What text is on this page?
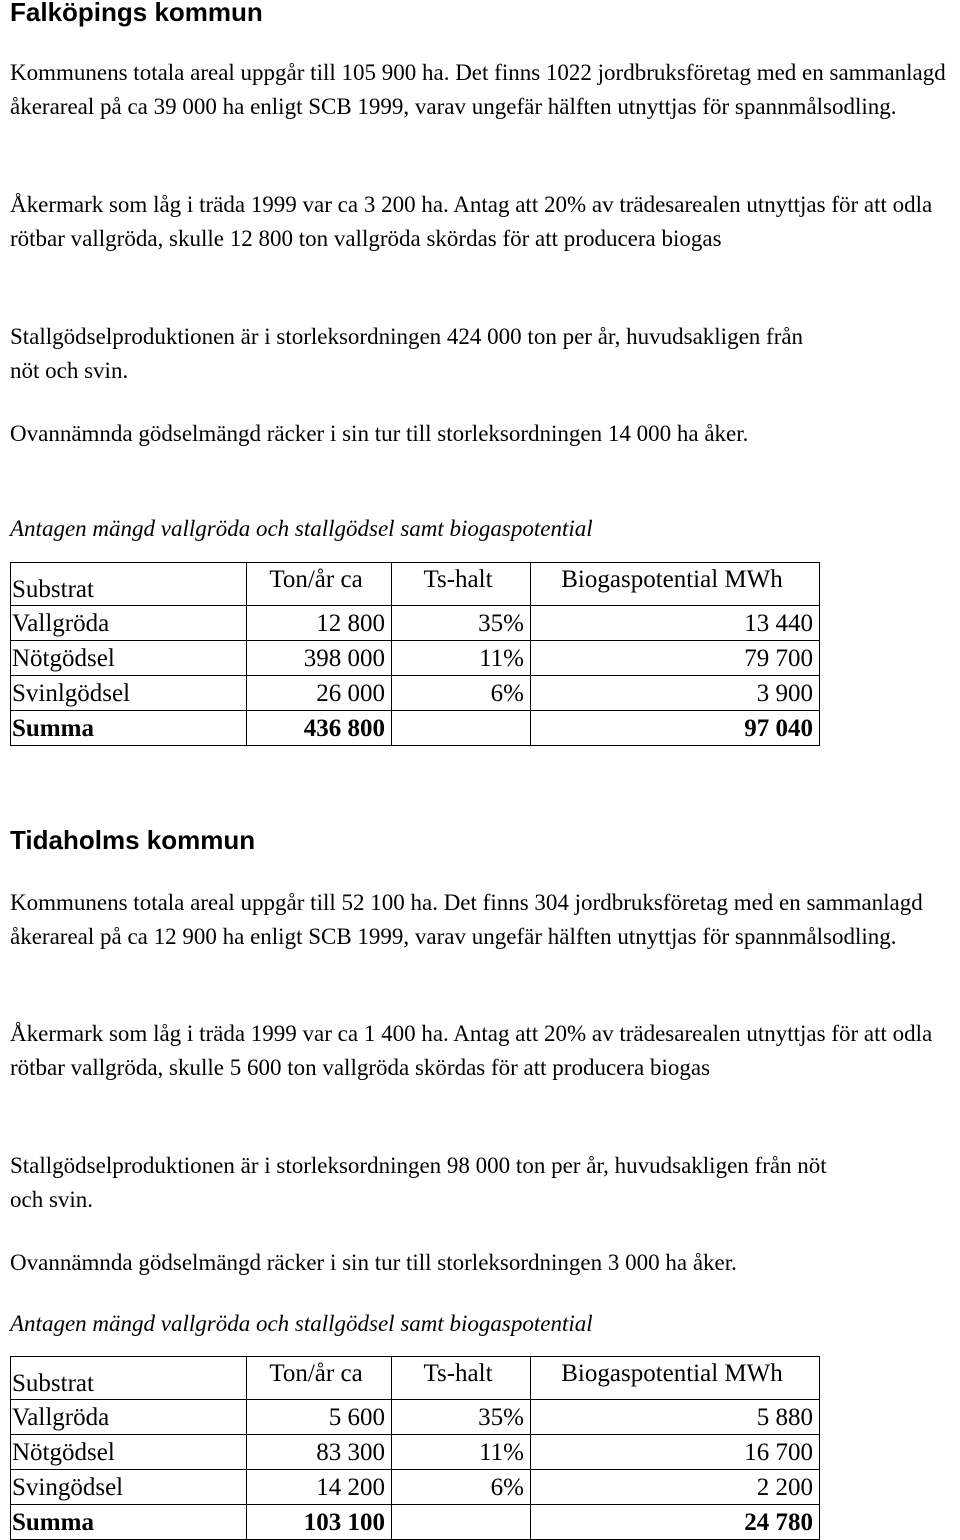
Falköpings kommun

Kommunens totala areal uppgår till 105 900 ha. Det finns 1022 jordbruksföretag med en sammanlagd åkerareal på ca 39 000 ha enligt SCB 1999, varav ungefär hälften utnyttjas för spannmålsodling.

Åkermark som låg i träda 1999 var ca 3 200 ha. Antag att 20% av trädesarealen utnyttjas för att odla rötbar vallgröda, skulle 12 800 ton vallgröda skördas för att producera biogas

Stallgödselproduktionen är i storleksordningen 424 000 ton per år, huvudsakligen från nöt och svin.

Ovannämnda gödselmängd räcker i sin tur till storleksordningen 14 000 ha åker.

Antagen mängd vallgröda och stallgödsel samt biogaspotential
Substrat	Ton/år ca	Ts-halt	Biogaspotential MWh
Vallgröda	12 800	35%	13 440
Nötgödsel	398 000	11%	79 700
Svinlgödsel	26 000	6%	3 900
Summa	436 800		97 040
Tidaholms kommun

Kommunens totala areal uppgår till 52 100 ha. Det finns 304 jordbruksföretag med en sammanlagd åkerareal på ca 12 900 ha enligt SCB 1999, varav ungefär hälften utnyttjas för spannmålsodling.

Åkermark som låg i träda 1999 var ca 1 400 ha. Antag att 20% av trädesarealen utnyttjas för att odla rötbar vallgröda, skulle 5 600 ton vallgröda skördas för att producera biogas

Stallgödselproduktionen är i storleksordningen 98 000 ton per år, huvudsakligen från nöt och svin.

Ovannämnda gödselmängd räcker i sin tur till storleksordningen 3 000 ha åker.

Antagen mängd vallgröda och stallgödsel samt biogaspotential
Substrat	Ton/år ca	Ts-halt	Biogaspotential MWh
Vallgröda	5 600	35%	5 880
Nötgödsel	83 300	11%	16 700
Svingödsel	14 200	6%	2 200
Summa	103 100		24 780
